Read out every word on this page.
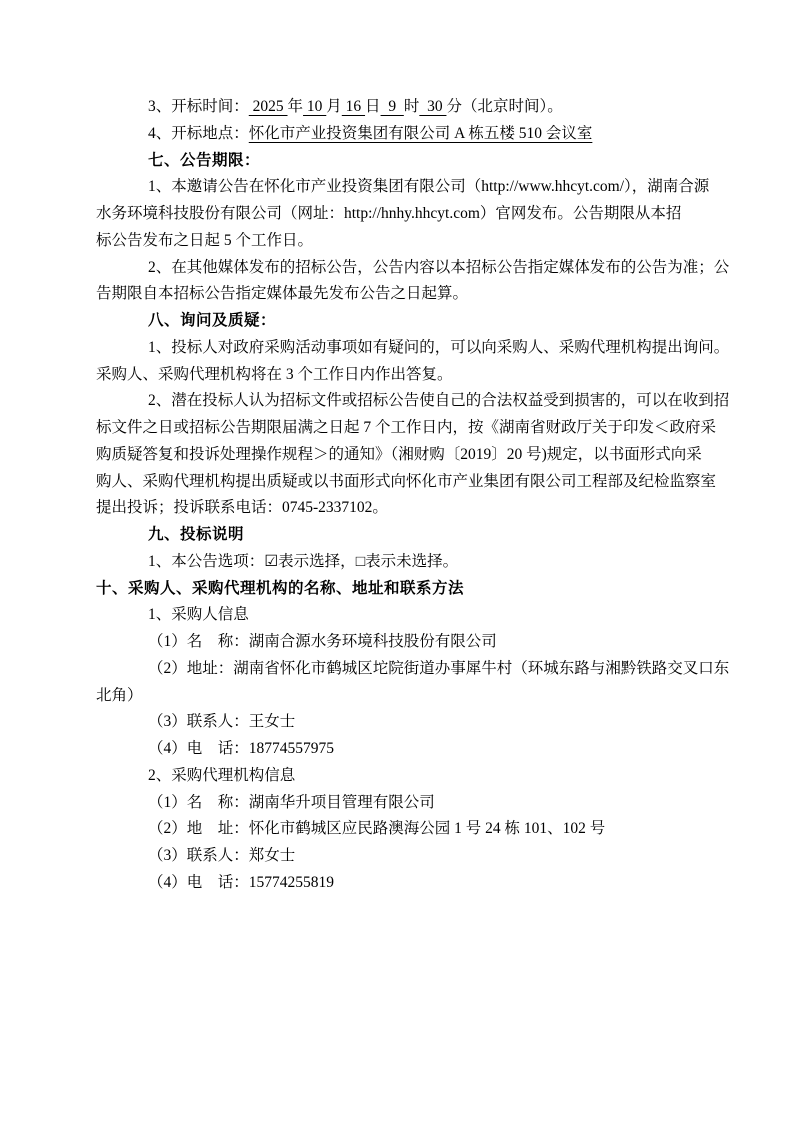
3、开标时间： 2025 年 10 月 16 日  9  时  30 分（北京时间）。
4、开标地点：怀化市产业投资集团有限公司 A 栋五楼 510 会议室
七、公告期限：
1、本邀请公告在怀化市产业投资集团有限公司（http://www.hhcyt.com/），湖南合源
水务环境科技股份有限公司（网址：http://hnhy.hhcyt.com）官网发布。公告期限从本招
标公告发布之日起 5 个工作日。
2、在其他媒体发布的招标公告，公告内容以本招标公告指定媒体发布的公告为准；公
告期限自本招标公告指定媒体最先发布公告之日起算。
八、询问及质疑：
1、投标人对政府采购活动事项如有疑问的，可以向采购人、采购代理机构提出询问。
采购人、采购代理机构将在 3 个工作日内作出答复。
2、潜在投标人认为招标文件或招标公告使自己的合法权益受到损害的，可以在收到招
标文件之日或招标公告期限届满之日起 7 个工作日内，按《湖南省财政厅关于印发＜政府采
购质疑答复和投诉处理操作规程＞的通知》（湘财购〔2019〕20 号)规定，以书面形式向采
购人、采购代理机构提出质疑或以书面形式向怀化市产业集团有限公司工程部及纪检监察室
提出投诉；投诉联系电话：0745-2337102。
九、投标说明
1、本公告选项：☑表示选择，□表示未选择。
十、采购人、采购代理机构的名称、地址和联系方法
1、采购人信息
（1）名　称：湖南合源水务环境科技股份有限公司
（2）地址：湖南省怀化市鹤城区坨院街道办事犀牛村（环城东路与湘黔铁路交叉口东
北角）
（3）联系人：王女士
（4）电　话：18774557975
2、采购代理机构信息
（1）名　称：湖南华升项目管理有限公司
（2）地　址：怀化市鹤城区应民路澳海公园 1 号 24 栋 101、102 号
（3）联系人：郑女士
（4）电　话：15774255819
